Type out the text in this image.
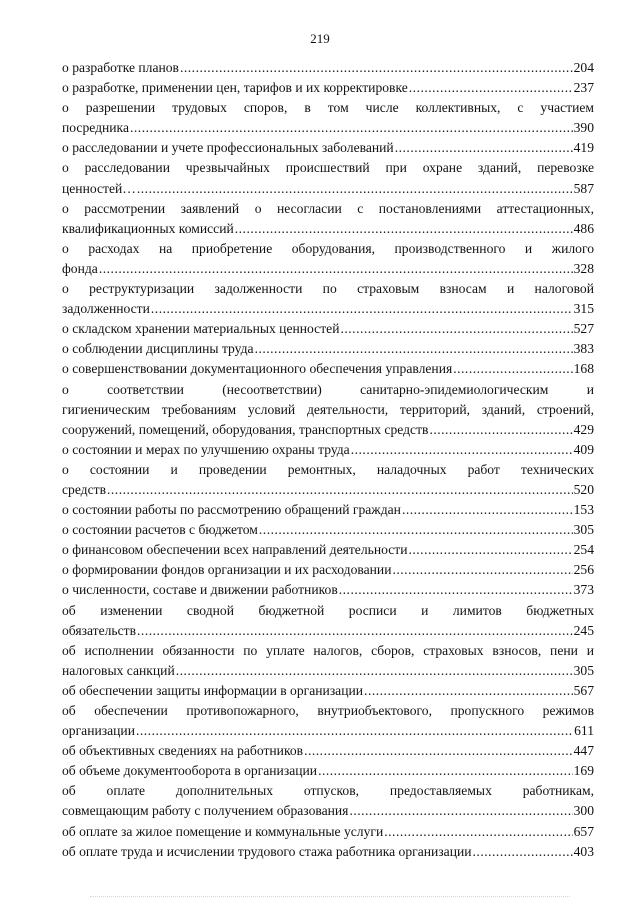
219
о разработке планов .....	204
о разработке, применении цен, тарифов и их корректировке .....	237
о разрешении трудовых споров, в том числе коллективных, с участием
посредника .....	390
о расследовании и учете профессиональных заболеваний .....	419
о расследовании чрезвычайных происшествий при охране зданий, перевозке
ценностей… .....	587
о рассмотрении заявлений о несогласии с постановлениями аттестационных,
квалификационных комиссий .....	486
о расходах на приобретение оборудования, производственного и жилого
фонда .....	328
о реструктуризации задолженности по страховым взносам и налоговой
задолженности .....	315
о складском хранении материальных ценностей .....	527
о соблюдении дисциплины труда .....	383
о совершенствовании документационного обеспечения управления .....	168
о соответствии (несоответствии) санитарно-эпидемиологическим и
гигиеническим требованиям условий деятельности, территорий, зданий, строений,
сооружений, помещений, оборудования, транспортных средств .....	429
о состоянии и мерах по улучшению охраны труда .....	409
о состоянии и проведении ремонтных, наладочных работ технических
средств .....	520
о состоянии работы по рассмотрению обращений граждан .....	153
о состоянии расчетов с бюджетом .....	305
о финансовом обеспечении всех направлений деятельности .....	254
о формировании фондов организации и их расходовании .....	256
о численности, составе и движении работников .....	373
об изменении сводной бюджетной росписи и лимитов бюджетных
обязательств .....	245
об исполнении обязанности по уплате налогов, сборов, страховых взносов, пени и
налоговых санкций .....	305
об обеспечении защиты информации в организации .....	567
об обеспечении противопожарного, внутриобъектового, пропускного режимов
организации .....	611
об объективных сведениях на работников .....	447
об объеме документооборота в организации .....	169
об оплате дополнительных отпусков, предоставляемых работникам,
совмещающим работу с получением образования .....	300
об оплате за жилое помещение и коммунальные услуги .....	657
об оплате труда и исчислении трудового стажа работника организации .....	403
